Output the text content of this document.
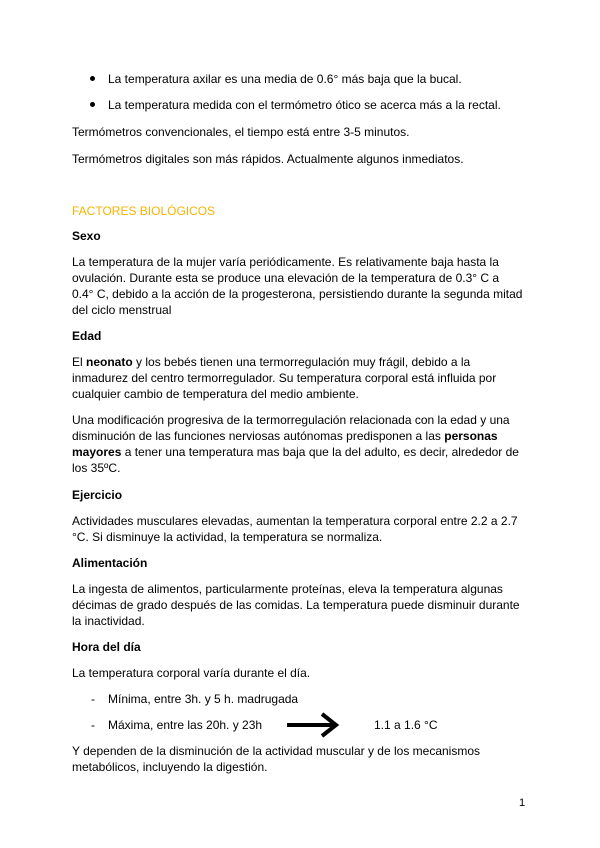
La temperatura axilar es una media de 0.6° más baja que la bucal.
La temperatura medida con el termómetro ótico se acerca más a la rectal.
Termómetros convencionales, el tiempo está entre 3-5 minutos.
Termómetros digitales son más rápidos. Actualmente algunos inmediatos.
FACTORES BIOLÓGICOS
Sexo
La temperatura de la mujer varía periódicamente. Es relativamente baja hasta la
ovulación. Durante esta se produce una elevación de la temperatura de 0.3° C a
0.4° C, debido a la acción de la progesterona, persistiendo durante la segunda mitad
del ciclo menstrual
Edad
El neonato y los bebés tienen una termorregulación muy frágil, debido a la
inmadurez del centro termorregulador. Su temperatura corporal está influida por
cualquier cambio de temperatura del medio ambiente.
Una modificación progresiva de la termorregulación relacionada con la edad y una
disminución de las funciones nerviosas autónomas predisponen a las personas
mayores a tener una temperatura mas baja que la del adulto, es decir, alrededor de
los 35ºC.
Ejercicio
Actividades musculares elevadas, aumentan la temperatura corporal entre 2.2 a 2.7
°C. Si disminuye la actividad, la temperatura se normaliza.
Alimentación
La ingesta de alimentos, particularmente proteínas, eleva la temperatura algunas
décimas de grado después de las comidas. La temperatura puede disminuir durante
la inactividad.
Hora del día
La temperatura corporal varía durante el día.
- Mínima, entre 3h. y 5 h. madrugada
- Máxima, entre las 20h. y 23h	1.1 a 1.6 °C
Y dependen de la disminución de la actividad muscular y de los mecanismos
metabólicos, incluyendo la digestión.
1
